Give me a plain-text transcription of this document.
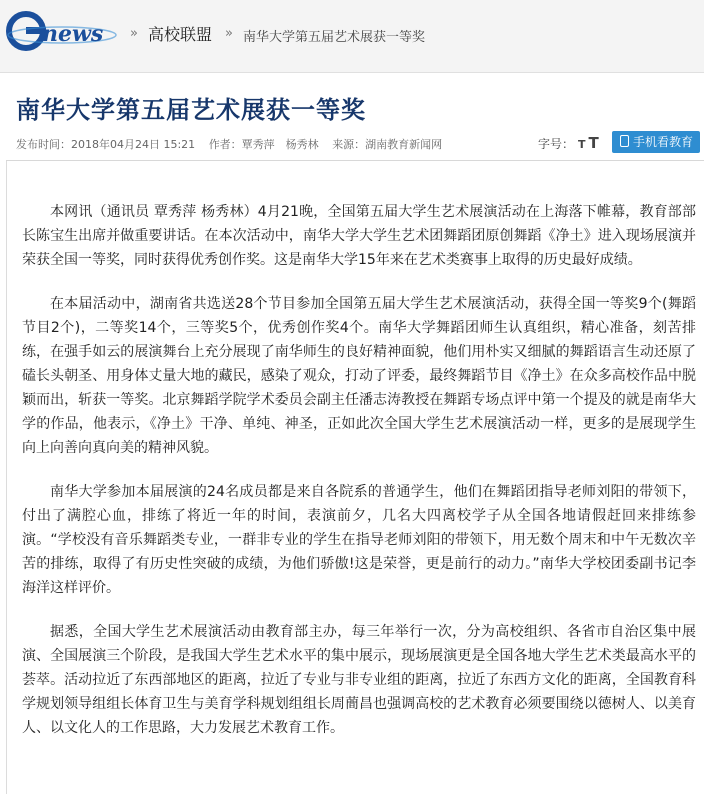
news » 高校联盟 » 南华大学第五届艺术展获一等奖
南华大学第五届艺术展获一等奖
发布时间：2018年04月24日 15:21 作者：覃秀萍　杨秀林 来源：湖南教育新闻网	字号： T T	手机看教育

本网讯（通讯员 覃秀萍 杨秀林）4月21晚，全国第五届大学生艺术展演活动在上海落下帷幕，教育部部长陈宝生出席并做重要讲话。在本次活动中，南华大学大学生艺术团舞蹈团原创舞蹈《净土》进入现场展演并荣获全国一等奖，同时获得优秀创作奖。这是南华大学15年来在艺术类赛事上取得的历史最好成绩。

在本届活动中，湖南省共选送28个节目参加全国第五届大学生艺术展演活动，获得全国一等奖9个(舞蹈节目2个)，二等奖14个，三等奖5个，优秀创作奖4个。南华大学舞蹈团师生认真组织，精心准备，刻苦排练，在强手如云的展演舞台上充分展现了南华师生的良好精神面貌，他们用朴实又细腻的舞蹈语言生动还原了磕长头朝圣、用身体丈量大地的藏民，感染了观众，打动了评委，最终舞蹈节目《净土》在众多高校作品中脱颖而出，斩获一等奖。北京舞蹈学院学术委员会副主任潘志涛教授在舞蹈专场点评中第一个提及的就是南华大学的作品，他表示，《净土》干净、单纯、神圣，正如此次全国大学生艺术展演活动一样，更多的是展现学生向上向善向真向美的精神风貌。

南华大学参加本届展演的24名成员都是来自各院系的普通学生，他们在舞蹈团指导老师刘阳的带领下，付出了满腔心血，排练了将近一年的时间，表演前夕，几名大四离校学子从全国各地请假赶回来排练参演。“学校没有音乐舞蹈类专业，一群非专业的学生在指导老师刘阳的带领下，用无数个周末和中午无数次辛苦的排练，取得了有历史性突破的成绩，为他们骄傲!这是荣誉，更是前行的动力。”南华大学校团委副书记李海洋这样评价。

据悉，全国大学生艺术展演活动由教育部主办，每三年举行一次，分为高校组织、各省市自治区集中展演、全国展演三个阶段，是我国大学生艺术水平的集中展示，现场展演更是全国各地大学生艺术类最高水平的荟萃。活动拉近了东西部地区的距离，拉近了专业与非专业组的距离，拉近了东西方文化的距离，全国教育科学规划领导组组长体育卫生与美育学科规划组组长周蕳昌也强调高校的艺术教育必须要围绕以德树人、以美育人、以文化人的工作思路，大力发展艺术教育工作。
